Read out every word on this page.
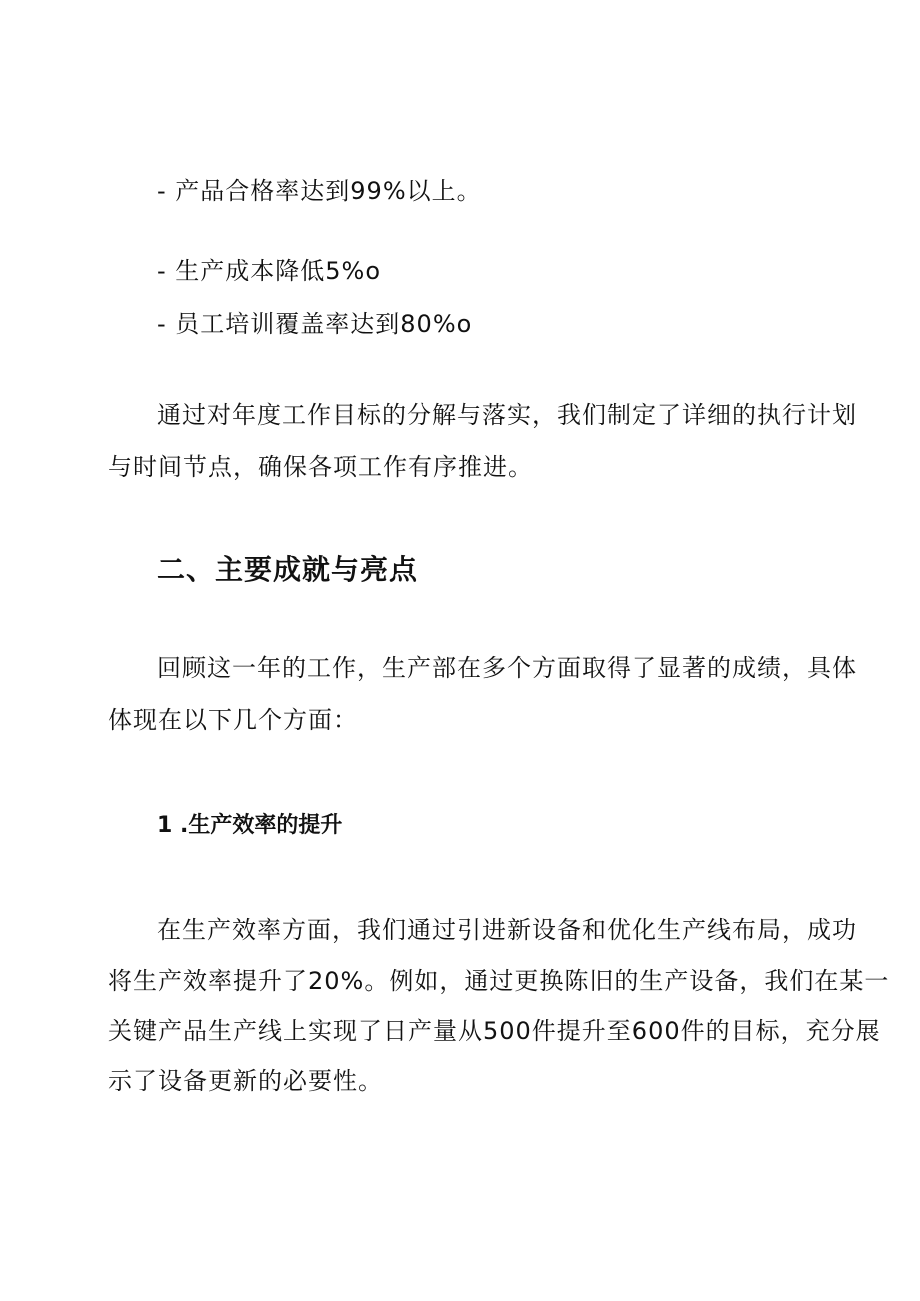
- 产品合格率达到99%以上。
- 生产成本降低5%o
- 员工培训覆盖率达到80%o
通过对年度工作目标的分解与落实，我们制定了详细的执行计划
与时间节点，确保各项工作有序推进。
二、主要成就与亮点
回顾这一年的工作，生产部在多个方面取得了显著的成绩，具体
体现在以下几个方面：
1 .生产效率的提升
在生产效率方面，我们通过引进新设备和优化生产线布局，成功
将生产效率提升了20%。例如，通过更换陈旧的生产设备，我们在某一
关键产品生产线上实现了日产量从500件提升至600件的目标，充分展
示了设备更新的必要性。
